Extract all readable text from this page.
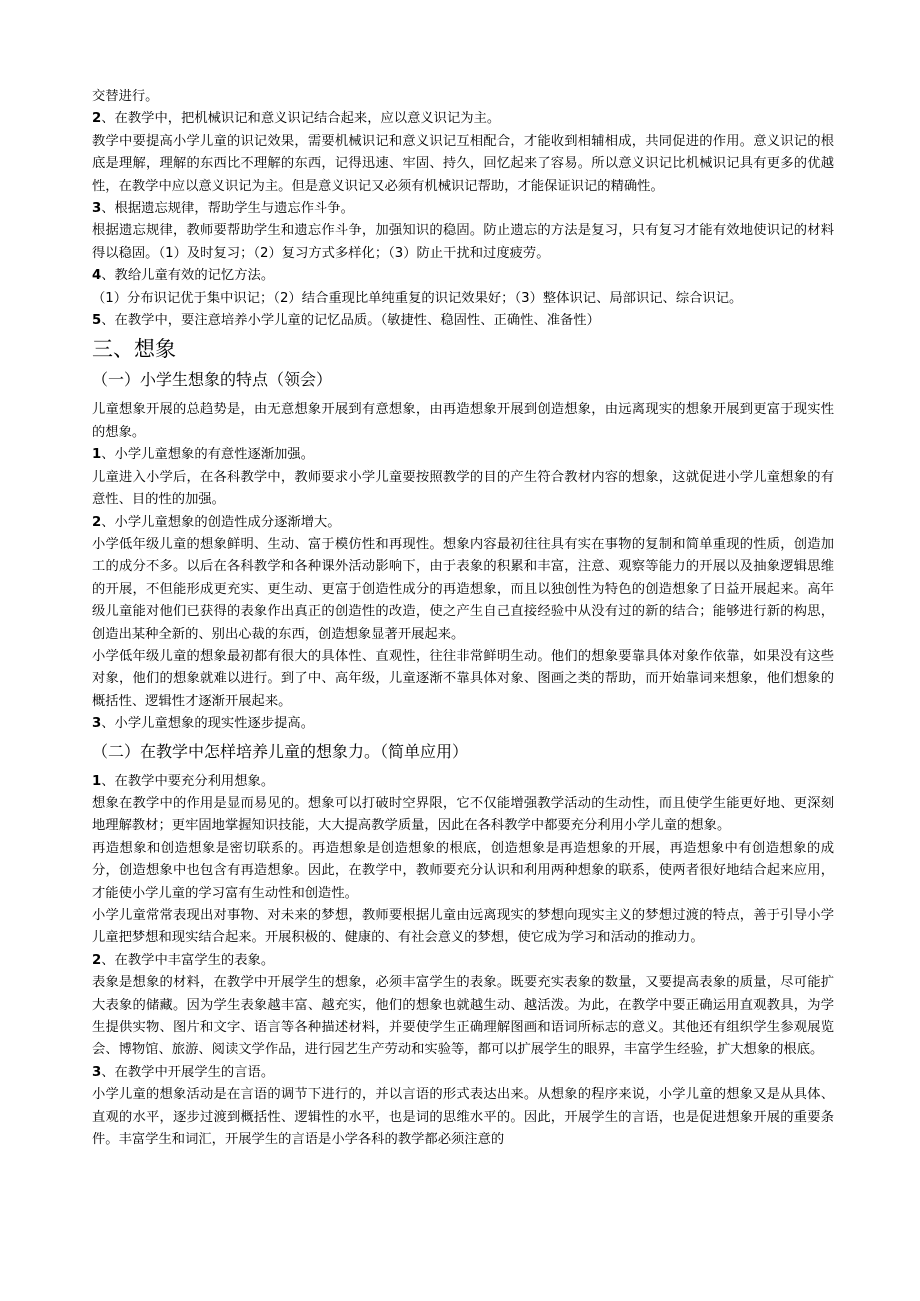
交替进行。

2、在教学中，把机械识记和意义识记结合起来，应以意义识记为主。

教学中要提高小学儿童的识记效果，需要机械识记和意义识记互相配合，才能收到相辅相成，共同促进的作用。意义识记的根底是理解，理解的东西比不理解的东西，记得迅速、牢固、持久，回忆起来了容易。所以意义识记比机械识记具有更多的优越性，在教学中应以意义识记为主。但是意义识记又必须有机械识记帮助，才能保证识记的精确性。

3、根据遗忘规律，帮助学生与遗忘作斗争。

根据遗忘规律，教师要帮助学生和遗忘作斗争，加强知识的稳固。防止遗忘的方法是复习，只有复习才能有效地使识记的材料得以稳固。（1）及时复习；（2）复习方式多样化；（3）防止干扰和过度疲劳。

4、教给儿童有效的记忆方法。

（1）分布识记优于集中识记；（2）结合重现比单纯重复的识记效果好；（3）整体识记、局部识记、综合识记。

5、在教学中，要注意培养小学儿童的记忆品质。（敏捷性、稳固性、正确性、准备性）

三、想象
（一）小学生想象的特点（领会）

儿童想象开展的总趋势是，由无意想象开展到有意想象，由再造想象开展到创造想象，由远离现实的想象开展到更富于现实性的想象。

1、小学儿童想象的有意性逐渐加强。

儿童进入小学后，在各科教学中，教师要求小学儿童要按照教学的目的产生符合教材内容的想象，这就促进小学儿童想象的有意性、目的性的加强。

2、小学儿童想象的创造性成分逐渐增大。

小学低年级儿童的想象鲜明、生动、富于模仿性和再现性。想象内容最初往往具有实在事物的复制和简单重现的性质，创造加工的成分不多。以后在各科教学和各种课外活动影响下，由于表象的积累和丰富，注意、观察等能力的开展以及抽象逻辑思维的开展，不但能形成更充实、更生动、更富于创造性成分的再造想象，而且以独创性为特色的创造想象了日益开展起来。高年级儿童能对他们已获得的表象作出真正的创造性的改造，使之产生自己直接经验中从没有过的新的结合；能够进行新的构思，创造出某种全新的、别出心裁的东西，创造想象显著开展起来。

小学低年级儿童的想象最初都有很大的具体性、直观性，往往非常鲜明生动。他们的想象要靠具体对象作依靠，如果没有这些对象，他们的想象就难以进行。到了中、高年级，儿童逐渐不靠具体对象、图画之类的帮助，而开始靠词来想象，他们想象的概括性、逻辑性才逐渐开展起来。

3、小学儿童想象的现实性逐步提高。

（二）在教学中怎样培养儿童的想象力。（简单应用）

1、在教学中要充分利用想象。

想象在教学中的作用是显而易见的。想象可以打破时空界限，它不仅能增强教学活动的生动性，而且使学生能更好地、更深刻地理解教材；更牢固地掌握知识技能，大大提高教学质量，因此在各科教学中都要充分利用小学儿童的想象。

再造想象和创造想象是密切联系的。再造想象是创造想象的根底，创造想象是再造想象的开展，再造想象中有创造想象的成分，创造想象中也包含有再造想象。因此，在教学中，教师要充分认识和利用两种想象的联系，使两者很好地结合起来应用，才能使小学儿童的学习富有生动性和创造性。

小学儿童常常表现出对事物、对未来的梦想，教师要根据儿童由远离现实的梦想向现实主义的梦想过渡的特点，善于引导小学儿童把梦想和现实结合起来。开展积极的、健康的、有社会意义的梦想，使它成为学习和活动的推动力。

2、在教学中丰富学生的表象。

表象是想象的材料，在教学中开展学生的想象，必须丰富学生的表象。既要充实表象的数量，又要提高表象的质量，尽可能扩大表象的储藏。因为学生表象越丰富、越充实，他们的想象也就越生动、越活泼。为此，在教学中要正确运用直观教具，为学生提供实物、图片和文字、语言等各种描述材料，并要使学生正确理解图画和语词所标志的意义。其他还有组织学生参观展览会、博物馆、旅游、阅读文学作品，进行园艺生产劳动和实验等，都可以扩展学生的眼界，丰富学生经验，扩大想象的根底。

3、在教学中开展学生的言语。

小学儿童的想象活动是在言语的调节下进行的，并以言语的形式表达出来。从想象的程序来说，小学儿童的想象又是从具体、直观的水平，逐步过渡到概括性、逻辑性的水平，也是词的思维水平的。因此，开展学生的言语，也是促进想象开展的重要条件。丰富学生和词汇，开展学生的言语是小学各科的教学都必须注意的
